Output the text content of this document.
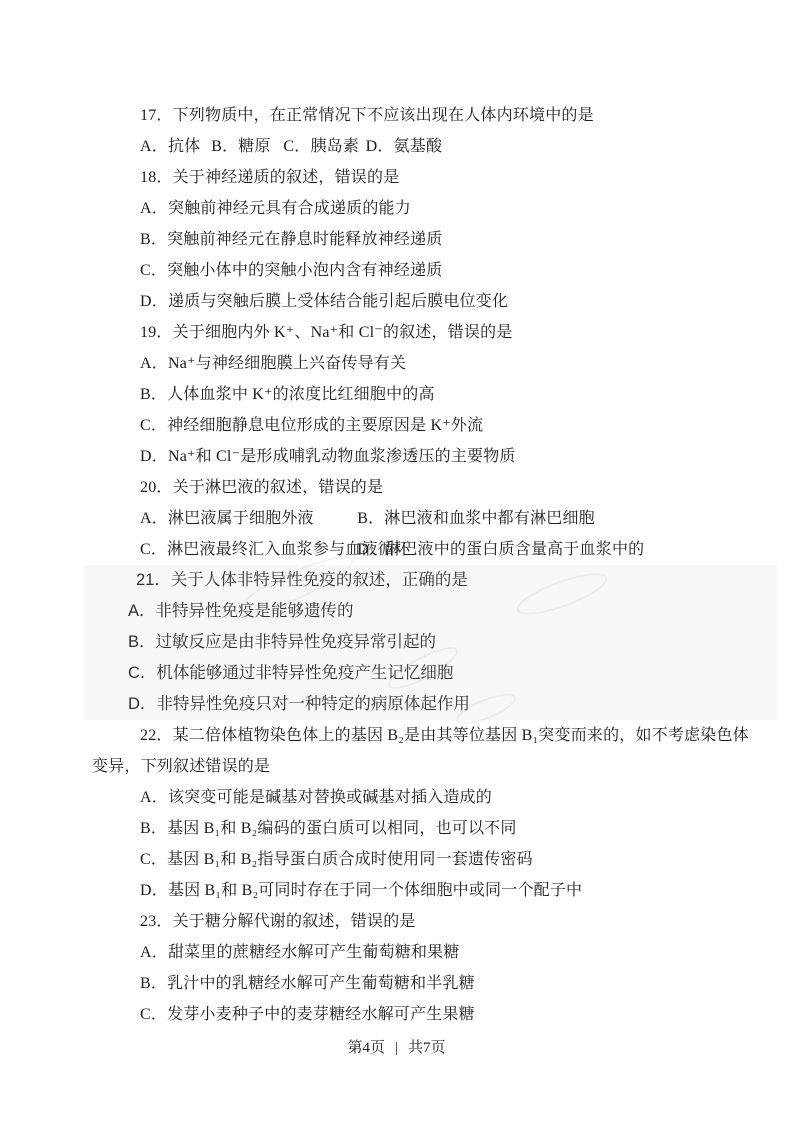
17．下列物质中，在正常情况下不应该出现在人体内环境中的是
A．抗体 B．糖原 C．胰岛素 D．氨基酸
18．关于神经递质的叙述，错误的是
A．突触前神经元具有合成递质的能力
B．突触前神经元在静息时能释放神经递质
C．突触小体中的突触小泡内含有神经递质
D．递质与突触后膜上受体结合能引起后膜电位变化
19．关于细胞内外 K⁺、Na⁺和 Cl⁻的叙述，错误的是
A．Na⁺与神经细胞膜上兴奋传导有关
B．人体血浆中 K⁺的浓度比红细胞中的高
C．神经细胞静息电位形成的主要原因是 K⁺外流
D．Na⁺和 Cl⁻是形成哺乳动物血浆渗透压的主要物质
20．关于淋巴液的叙述，错误的是
A．淋巴液属于细胞外液	B．淋巴液和血浆中都有淋巴细胞
C．淋巴液最终汇入血浆参与血液循环 D．淋巴液中的蛋白质含量高于血浆中的
21．关于人体非特异性免疫的叙述，正确的是
A．非特异性免疫是能够遗传的
B．过敏反应是由非特异性免疫异常引起的
C．机体能够通过非特异性免疫产生记忆细胞
D．非特异性免疫只对一种特定的病原体起作用
22．某二倍体植物染色体上的基因 B₂是由其等位基因 B₁突变而来的，如不考虑染色体
变异，下列叙述错误的是
A．该突变可能是碱基对替换或碱基对插入造成的
B．基因 B₁和 B₂编码的蛋白质可以相同，也可以不同
C．基因 B₁和 B₂指导蛋白质合成时使用同一套遗传密码
D．基因 B₁和 B₂可同时存在于同一个体细胞中或同一个配子中
23．关于糖分解代谢的叙述，错误的是
A．甜菜里的蔗糖经水解可产生葡萄糖和果糖
B．乳汁中的乳糖经水解可产生葡萄糖和半乳糖
C．发芽小麦种子中的麦芽糖经水解可产生果糖
第4页 | 共7页
